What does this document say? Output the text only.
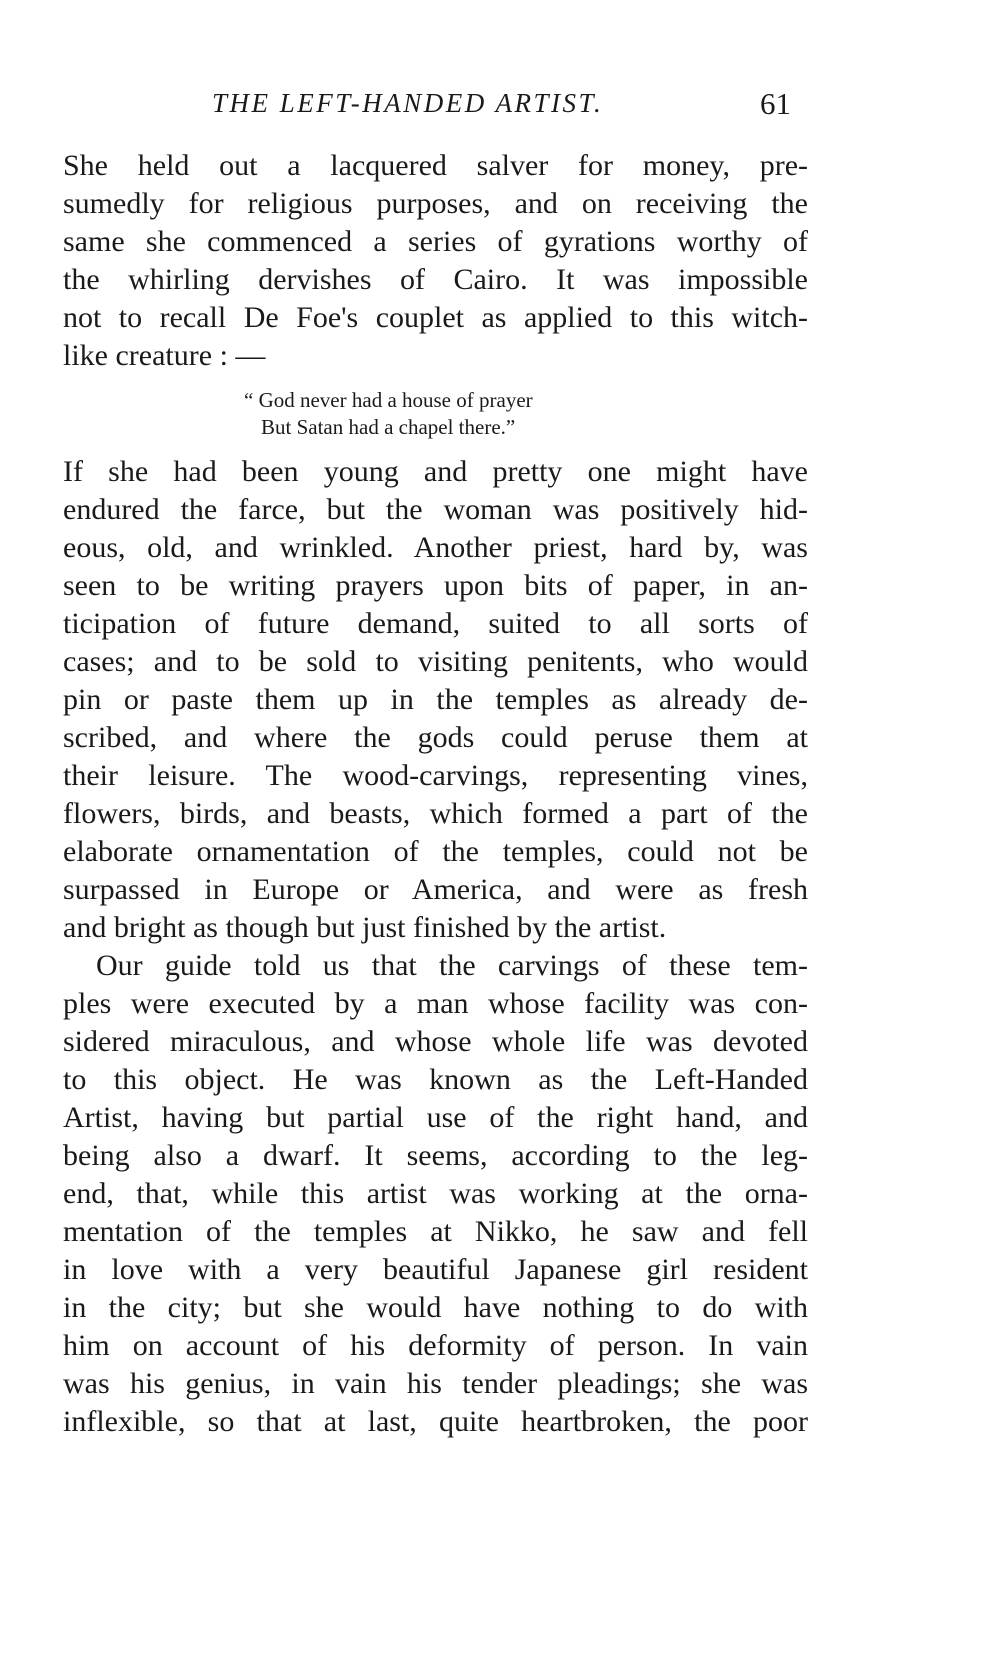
THE LEFT-HANDED ARTIST.	61
She held out a lacquered salver for money, pre-
sumedly for religious purposes, and on receiving the
same she commenced a series of gyrations worthy of
the whirling dervishes of Cairo. It was impossible
not to recall De Foe's couplet as applied to this witch-
like creature : —
“ God never had a house of prayer
But Satan had a chapel there.”
If she had been young and pretty one might have
endured the farce, but the woman was positively hid-
eous, old, and wrinkled. Another priest, hard by, was
seen to be writing prayers upon bits of paper, in an-
ticipation of future demand, suited to all sorts of
cases; and to be sold to visiting penitents, who would
pin or paste them up in the temples as already de-
scribed, and where the gods could peruse them at
their leisure. The wood-carvings, representing vines,
flowers, birds, and beasts, which formed a part of the
elaborate ornamentation of the temples, could not be
surpassed in Europe or America, and were as fresh
and bright as though but just finished by the artist.
Our guide told us that the carvings of these tem-
ples were executed by a man whose facility was con-
sidered miraculous, and whose whole life was devoted
to this object. He was known as the Left-Handed
Artist, having but partial use of the right hand, and
being also a dwarf. It seems, according to the leg-
end, that, while this artist was working at the orna-
mentation of the temples at Nikko, he saw and fell
in love with a very beautiful Japanese girl resident
in the city; but she would have nothing to do with
him on account of his deformity of person. In vain
was his genius, in vain his tender pleadings; she was
inflexible, so that at last, quite heartbroken, the poor
